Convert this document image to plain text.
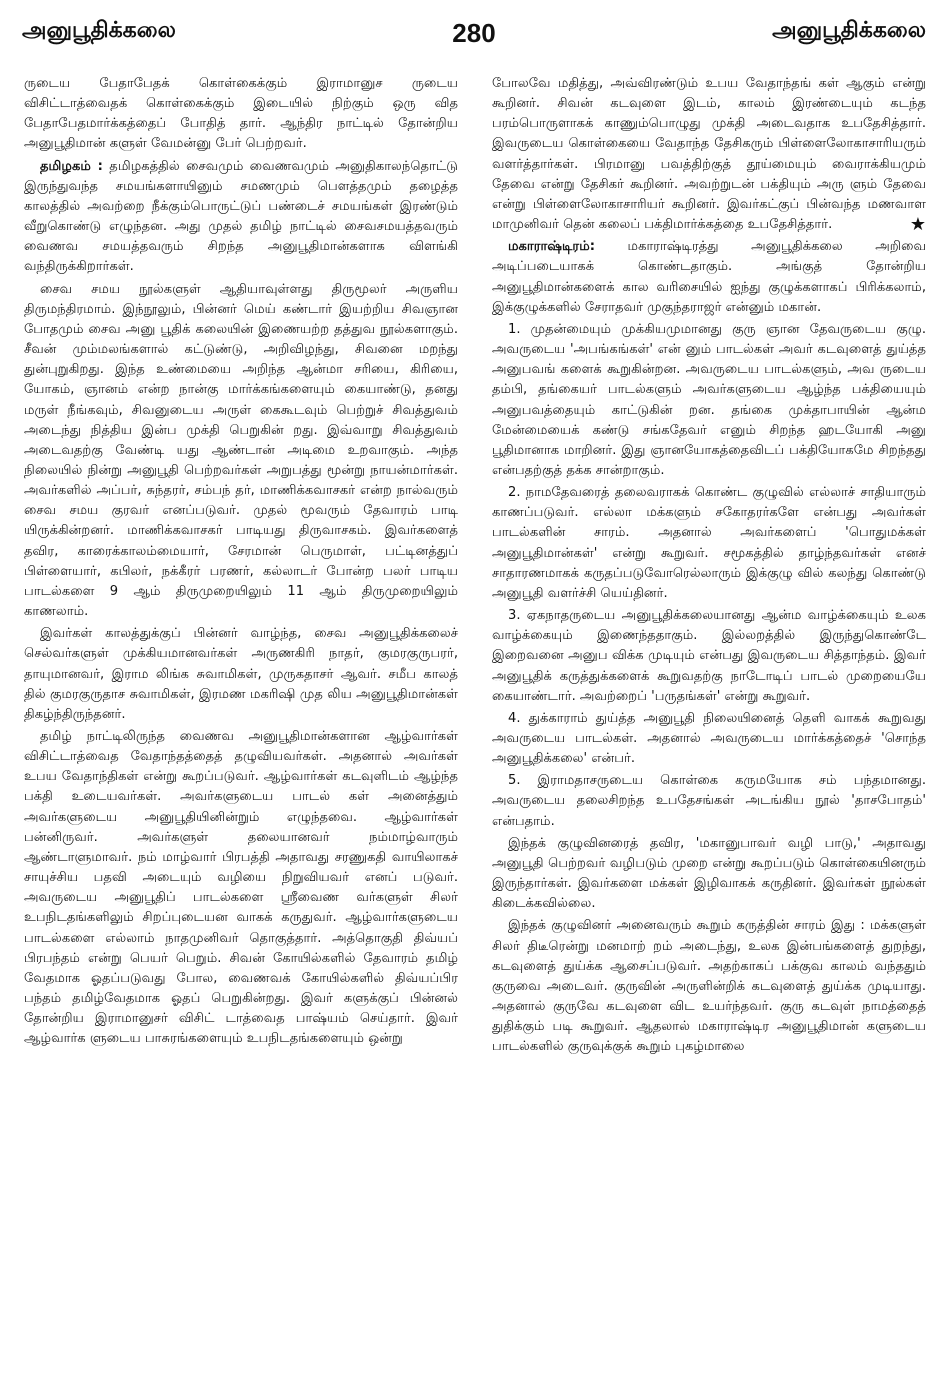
அனுபூதிக்கலை	280	அனுபூதிக்கலை

ருடைய பேதாபேதக் கொள்கைக்கும் இராமானுச ருடைய விசிட்டாத்வைதக் கொள்கைக்கும் இடையில் நிற்கும் ஒரு வித பேதாபேதமார்க்கத்தைப் போதித் தார். ஆந்திர நாட்டில் தோன்றிய அனுபூதிமான் களுள் வேமன்னு பேர் பெற்றவர்.

தமிழகம் : தமிழகத்தில் சைவமும் வைணவமும் அனுதிகாலந்தொட்டு இருந்துவந்த சமயங்களாயினும் சமணமும் பௌத்தமும் தழைத்த காலத்தில் அவற்றை நீக்கும்பொருட்டுப் பண்டைச் சமயங்கள் இரண்டும் வீறுகொண்டு எழுந்தன. அது முதல் தமிழ் நாட்டில் சைவசமயத்தவரும் வைணவ சமயத்தவரும் சிறந்த அனுபூதிமான்களாக விளங்கி வந்திருக்கிறார்கள்.

சைவ சமய நூல்களுள் ஆதியாவுள்ளது திருமூலர் அருளிய திருமந்திரமாம். இந்நூலும், பின்னர் மெய் கண்டார் இயற்றிய சிவஞான போதமும் சைவ அனு பூதிக் கலையின் இணையற்ற தத்துவ நூல்களாகும். சீவன் மும்மலங்களால் கட்டுண்டு, அறிவிழந்து, சிவனை மறந்து துன்புறுகிறது. இந்த உண்மையை அறிந்த ஆன்மா சரியை, கிரியை, யோகம், ஞானம் என்ற நான்கு மார்க்கங்களையும் கையாண்டு, தனது மருள் நீங்கவும், சிவனுடைய அருள் கைகூடவும் பெற்றுச் சிவத்துவம் அடைந்து நித்திய இன்ப முக்தி பெறுகின் றது. இவ்வாறு சிவத்துவம் அடைவதற்கு வேண்டி யது ஆண்டான் அடிமை உறவாகும். அந்த நிலையில் நின்று அனுபூதி பெற்றவர்கள் அறுபத்து மூன்று நாயன்மார்கள். அவர்களில் அப்பர், சுந்தரர், சம்பந் தர், மாணிக்கவாசகர் என்ற நால்வரும் சைவ சமய குரவர் எனப்படுவர். முதல் மூவரும் தேவாரம் பாடி யிருக்கின்றனர். மாணிக்கவாசகர் பாடியது திருவாசகம். இவர்களைத் தவிர, காரைக்காலம்மையார், சேரமான் பெருமாள், பட்டினத்துப் பிள்ளையார், கபிலர், நக்கீரர் பரணர், கல்லாடர் போன்ற பலர் பாடிய பாடல்களை 9 ஆம் திருமுறையிலும் 11 ஆம் திருமுறையிலும் காணலாம்.

இவர்கள் காலத்துக்குப் பின்னர் வாழ்ந்த, சைவ அனுபூதிக்கலைச் செல்வர்களுள் முக்கியமானவர்கள் அருணகிரி நாதர், குமரகுருபரர், தாயுமானவர், இராம லிங்க சுவாமிகள், முருகதாசர் ஆவர். சமீப காலத் தில் குமரகுருதாச சுவாமிகள், இரமண மகரிஷி முத லிய அனுபூதிமான்கள் திகழ்ந்திருந்தனர்.

தமிழ் நாட்டிலிருந்த வைணவ அனுபூதிமான்களான ஆழ்வார்கள் விசிட்டாத்வைத வேதாந்தத்தைத் தழுவியவர்கள். அதனால் அவர்கள் உபய வேதாந்திகள் என்று கூறப்படுவர். ஆழ்வார்கள் கடவுளிடம் ஆழ்ந்த பக்தி உடையவர்கள். அவர்களுடைய பாடல் கள் அனைத்தும் அவர்களுடைய அனுபூதியினின்றும் எழுந்தவை. ஆழ்வார்கள் பன்னிருவர். அவர்களுள் தலையானவர் நம்மாழ்வாரும் ஆண்டாளுமாவர். நம் மாழ்வார் பிரபத்தி அதாவது சரணுகதி வாயிலாகச் சாயுச்சிய பதவி அடையும் வழியை நிறுவியவர் எனப் படுவர். அவருடைய அனுபூதிப் பாடல்களை ஸ்ரீவைண வர்களுள் சிலர் உபநிடதங்களிலும் சிறப்புடையன வாகக் கருதுவர். ஆழ்வார்களுடைய பாடல்களை எல்லாம் நாதமுனிவர் தொகுத்தார். அத்தொகுதி திவ்யப் பிரபந்தம் என்று பெயர் பெறும். சிவன் கோயில்களில் தேவாரம் தமிழ் வேதமாக ஓதப்படுவது போல, வைணவக் கோயில்களில் திவ்யப்பிர பந்தம் தமிழ்வேதமாக ஓதப் பெறுகின்றது. இவர் களுக்குப் பின்னல் தோன்றிய இராமானுசர் விசிட் டாத்வைத பாஷ்யம் செய்தார். இவர் ஆழ்வார்க ளுடைய பாசுரங்களையும் உபநிடதங்களையும் ஒன்று

போலவே மதித்து, அவ்விரண்டும் உபய வேதாந்தங் கள் ஆகும் என்று கூறினர். சிவன் கடவுளை இடம், காலம் இரண்டையும் கடந்த பரம்பொருளாகக் காணும்பொழுது முக்தி அடைவதாக உபதேசித்தார். இவருடைய கொள்கையை வேதாந்த தேசிகரும் பிள்ளைலோகாசாரியரும் வளர்த்தார்கள். பிரமானு பவத்திற்குத் தூய்மையும் வைராக்கியமும் தேவை என்று தேசிகர் கூறினர். அவற்றுடன் பக்தியும் அரு ளும் தேவை என்று பிள்ளைலோகாசாரியர் கூறினர். இவர்கட்குப் பின்வந்த மணவாள மாமுனிவர் தென் கலைப் பக்திமார்க்கத்தை உபதேசித்தார்.	★

மகாராஷ்டிரம்: மகாராஷ்டிரத்து அனுபூதிக்கலை அறிவை அடிப்படையாகக் கொண்டதாகும். அங்குத் தோன்றிய அனுபூதிமான்களைக் கால வரிசையில் ஐந்து குழுக்களாகப் பிரிக்கலாம், இக்குழுக்களில் சேராதவர் முகுந்தராஜர் என்னும் மகான்.

1. முதன்மையும் முக்கியமுமானது குரு ஞான தேவருடைய குழு. அவருடைய 'அபங்கங்கள்' என் னும் பாடல்கள் அவர் கடவுளைத் துய்த்த அனுபவங் களைக் கூறுகின்றன. அவருடைய பாடல்களும், அவ ருடைய தம்பி, தங்கையர் பாடல்களும் அவர்களுடைய ஆழ்ந்த பக்தியையும் அனுபவத்தையும் காட்டுகின் றன. தங்கை முக்தாபாயின் ஆன்ம மேன்மையைக் கண்டு சங்கதேவர் எனும் சிறந்த ஹடயோகி அனு பூதிமானாக மாறினர். இது ஞானயோகத்தைவிடப் பக்தியோகமே சிறந்தது என்பதற்குத் தக்க சான்றாகும்.

2. நாமதேவரைத் தலைவராகக் கொண்ட குழுவில் எல்லாச் சாதியாரும் காணப்படுவர். எல்லா மக்களும் சகோதரர்களே என்பது அவர்கள் பாடல்களின் சாரம். அதனால் அவர்களைப் 'பொதுமக்கள் அனுபூதிமான்கள்' என்று கூறுவர். சமூகத்தில் தாழ்ந்தவர்கள் எனச் சாதாரணமாகக் கருதப்படுவோரெல்லாரும் இக்குழு வில் கலந்து கொண்டு அனுபூதி வளர்ச்சி யெய்தினர்.

3. ஏகநாதருடைய அனுபூதிக்கலையானது ஆன்ம வாழ்க்கையும் உலக வாழ்க்கையும் இணைந்ததாகும். இல்லறத்தில் இருந்துகொண்டே இறைவனை அனுப விக்க முடியும் என்பது இவருடைய சித்தாந்தம். இவர் அனுபூதிக் கருத்துக்களைக் கூறுவதற்கு நாடோடிப் பாடல் முறையையே கையாண்டார். அவற்றைப் 'பருதங்கள்' என்று கூறுவர்.

4. துக்காராம் துய்த்த அனுபூதி நிலையினைத் தெளி வாகக் கூறுவது அவருடைய பாடல்கள். அதனால் அவருடைய மார்க்கத்தைச் 'சொந்த அனுபூதிக்கலை' என்பர்.

5. இராமதாசருடைய கொள்கை கருமயோக சம் பந்தமானது. அவருடைய தலைசிறந்த உபதேசங்கள் அடங்கிய நூல் 'தாசபோதம்' என்பதாம்.

இந்தக் குழுவினரைத் தவிர, 'மகானுபாவர் வழி பாடு,' அதாவது அனுபூதி பெற்றவர் வழிபடும் முறை என்று கூறப்படும் கொள்கையினரும் இருந்தார்கள். இவர்களை மக்கள் இழிவாகக் கருதினர். இவர்கள் நூல்கள் கிடைக்கவில்லை.

இந்தக் குழுவினர் அனைவரும் கூறும் கருத்தின் சாரம் இது : மக்களுள் சிலர் திடீரென்று மனமாற் றம் அடைந்து, உலக இன்பங்களைத் துறந்து, கடவுளைத் துய்க்க ஆசைப்படுவர். அதற்காகப் பக்குவ காலம் வந்ததும் குருவை அடைவர். குருவின் அருளின்றிக் கடவுளைத் துய்க்க முடியாது. அதனால் குருவே கடவுளை விட உயர்ந்தவர். குரு கடவுள் நாமத்தைத் துதிக்கும் படி கூறுவர். ஆதலால் மகாராஷ்டிர அனுபூதிமான் களுடைய பாடல்களில் குருவுக்குக் கூறும் புகழ்மாலை
